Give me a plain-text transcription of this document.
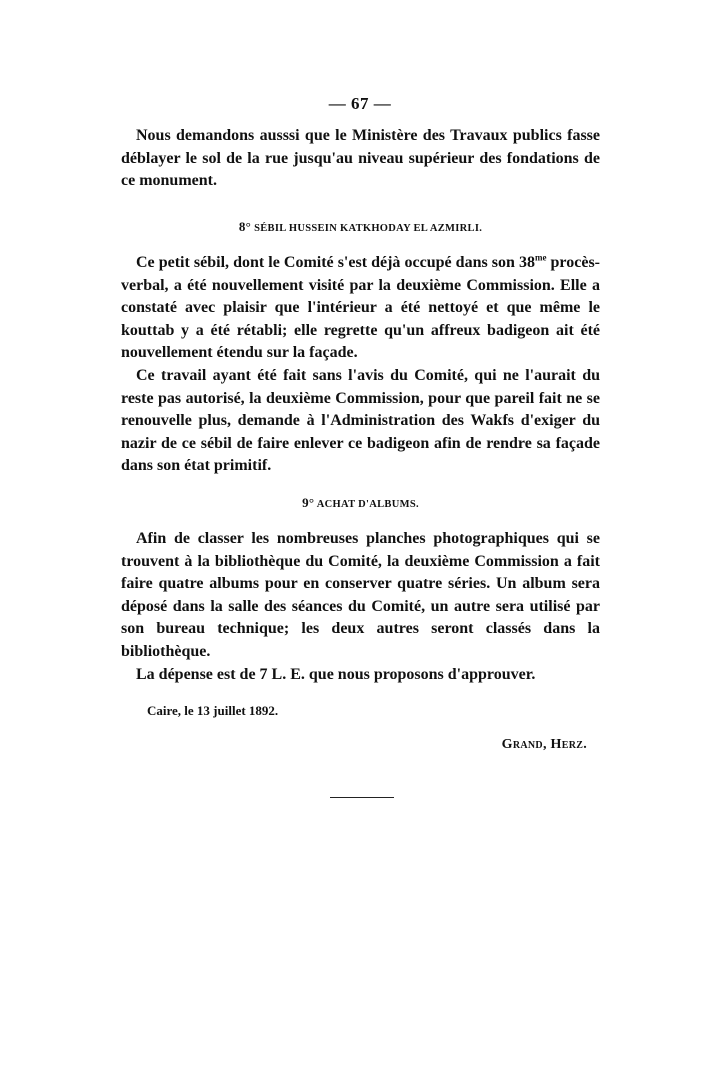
— 67 —

Nous demandons ausssi que le Ministère des Travaux publics fasse déblayer le sol de la rue jusqu'au niveau supérieur des fondations de ce monument.

8° SÉBIL HUSSEIN KATKHODAY EL AZMIRLI.

Ce petit sébil, dont le Comité s'est déjà occupé dans son $38^{me}$ procès-verbal, a été nouvellement visité par la deuxième Commission. Elle a constaté avec plaisir que l'intérieur a été nettoyé et que même le kouttab y a été rétabli; elle regrette qu'un affreux badigeon ait été nouvellement étendu sur la façade.

Ce travail ayant été fait sans l'avis du Comité, qui ne l'aurait du reste pas autorisé, la deuxième Commission, pour que pareil fait ne se renouvelle plus, demande à l'Administration des Wakfs d'exiger du nazir de ce sébil de faire enlever ce badigeon afin de rendre sa façade dans son état primitif.

9° ACHAT D'ALBUMS.

Afin de classer les nombreuses planches photographiques qui se trouvent à la bibliothèque du Comité, la deuxième Commission a fait faire quatre albums pour en conserver quatre séries. Un album sera déposé dans la salle des séances du Comité, un autre sera utilisé par son bureau technique; les deux autres seront classés dans la bibliothèque.

La dépense est de 7 L. E. que nous proposons d'approuver.

Caire, le 13 juillet 1892.
Grand, Herz.
